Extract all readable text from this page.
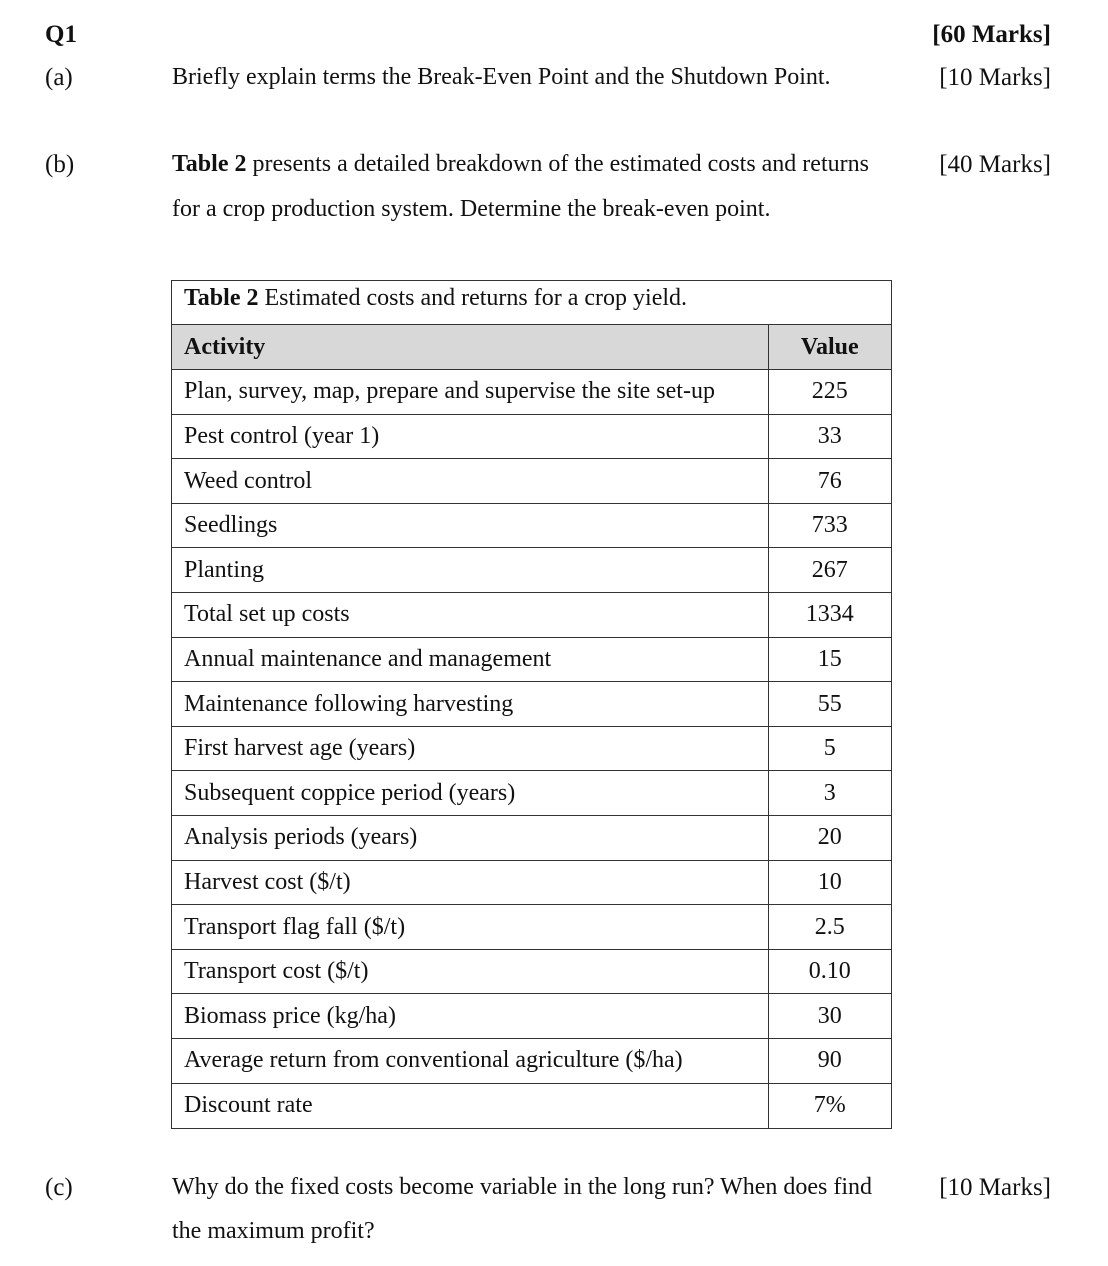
Q1	[60 Marks]
(a)	Briefly explain terms the Break-Even Point and the Shutdown Point.	[10 Marks]
(b)	Table 2 presents a detailed breakdown of the estimated costs and returns
for a crop production system. Determine the break-even point.
[40 Marks]
Table 2 Estimated costs and returns for a crop yield.
Activity	Value
Plan, survey, map, prepare and supervise the site set-up	225
Pest control (year 1)	33
Weed control	76
Seedlings	733
Planting	267
Total set up costs	1334
Annual maintenance and management	15
Maintenance following harvesting	55
First harvest age (years)	5
Subsequent coppice period (years)	3
Analysis periods (years)	20
Harvest cost ($/t)	10
Transport flag fall ($/t)	2.5
Transport cost ($/t)	0.10
Biomass price (kg/ha)	30
Average return from conventional agriculture ($/ha)	90
Discount rate	7%
(c)	Why do the fixed costs become variable in the long run? When does find
the maximum profit?
[10 Marks]
